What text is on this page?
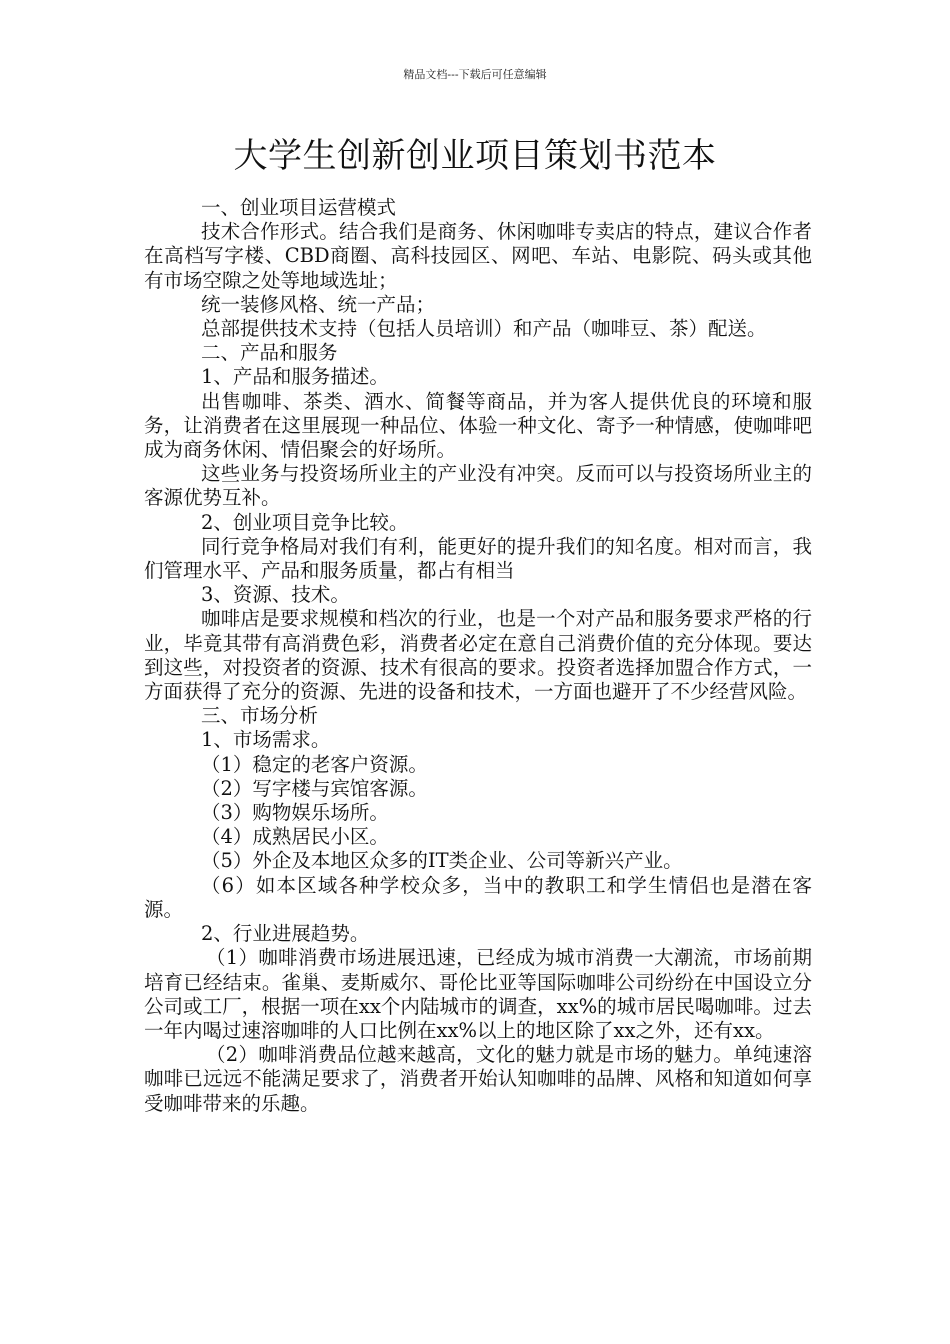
精品文档---下载后可任意编辑
大学生创新创业项目策划书范本

一、创业项目运营模式

技术合作形式。结合我们是商务、休闲咖啡专卖店的特点，建议合作者在高档写字楼、CBD商圈、高科技园区、网吧、车站、电影院、码头或其他有市场空隙之处等地域选址；

统一装修风格、统一产品；

总部提供技术支持（包括人员培训）和产品（咖啡豆、茶）配送。

二、产品和服务

1、产品和服务描述。

出售咖啡、茶类、酒水、简餐等商品，并为客人提供优良的环境和服务，让消费者在这里展现一种品位、体验一种文化、寄予一种情感，使咖啡吧成为商务休闲、情侣聚会的好场所。

这些业务与投资场所业主的产业没有冲突。反而可以与投资场所业主的客源优势互补。

2、创业项目竞争比较。

同行竞争格局对我们有利，能更好的提升我们的知名度。相对而言，我们管理水平、产品和服务质量，都占有相当

3、资源、技术。

咖啡店是要求规模和档次的行业，也是一个对产品和服务要求严格的行业，毕竟其带有高消费色彩，消费者必定在意自己消费价值的充分体现。要达到这些，对投资者的资源、技术有很高的要求。投资者选择加盟合作方式，一方面获得了充分的资源、先进的设备和技术，一方面也避开了不少经营风险。

三、市场分析

1、市场需求。

（1）稳定的老客户资源。

（2）写字楼与宾馆客源。

（3）购物娱乐场所。

（4）成熟居民小区。

（5）外企及本地区众多的IT类企业、公司等新兴产业。

（6）如本区域各种学校众多，当中的教职工和学生情侣也是潜在客源。

2、行业进展趋势。

（1）咖啡消费市场进展迅速，已经成为城市消费一大潮流，市场前期培育已经结束。雀巢、麦斯威尔、哥伦比亚等国际咖啡公司纷纷在中国设立分公司或工厂，根据一项在xx个内陆城市的调查，xx%的城市居民喝咖啡。过去一年内喝过速溶咖啡的人口比例在xx%以上的地区除了xx之外，还有xx。

（2）咖啡消费品位越来越高，文化的魅力就是市场的魅力。单纯速溶咖啡已远远不能满足要求了，消费者开始认知咖啡的品牌、风格和知道如何享受咖啡带来的乐趣。
